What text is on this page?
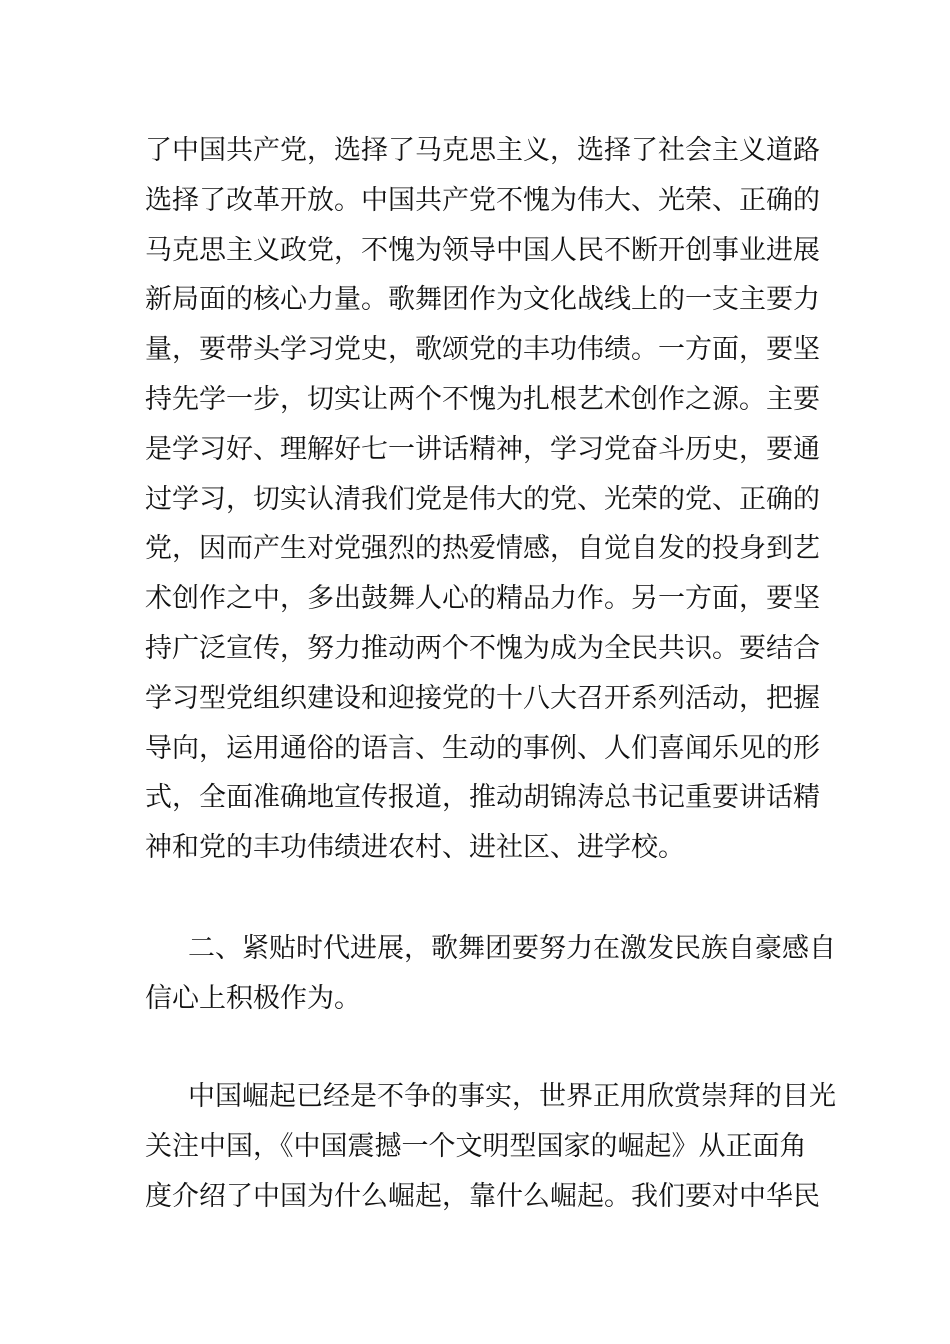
了中国共产党，选择了马克思主义，选择了社会主义道路
选择了改革开放。中国共产党不愧为伟大、光荣、正确的
马克思主义政党，不愧为领导中国人民不断开创事业进展
新局面的核心力量。歌舞团作为文化战线上的一支主要力
量，要带头学习党史，歌颂党的丰功伟绩。一方面，要坚
持先学一步，切实让两个不愧为扎根艺术创作之源。主要
是学习好、理解好七一讲话精神，学习党奋斗历史，要通
过学习，切实认清我们党是伟大的党、光荣的党、正确的
党，因而产生对党强烈的热爱情感，自觉自发的投身到艺
术创作之中，多出鼓舞人心的精品力作。另一方面，要坚
持广泛宣传，努力推动两个不愧为成为全民共识。要结合
学习型党组织建设和迎接党的十八大召开系列活动，把握
导向，运用通俗的语言、生动的事例、人们喜闻乐见的形
式，全面准确地宣传报道，推动胡锦涛总书记重要讲话精
神和党的丰功伟绩进农村、进社区、进学校。
二、紧贴时代进展，歌舞团要努力在激发民族自豪感自
信心上积极作为。
中国崛起已经是不争的事实，世界正用欣赏崇拜的目光
关注中国，《中国震撼一个文明型国家的崛起》从正面角
度介绍了中国为什么崛起，靠什么崛起。我们要对中华民
